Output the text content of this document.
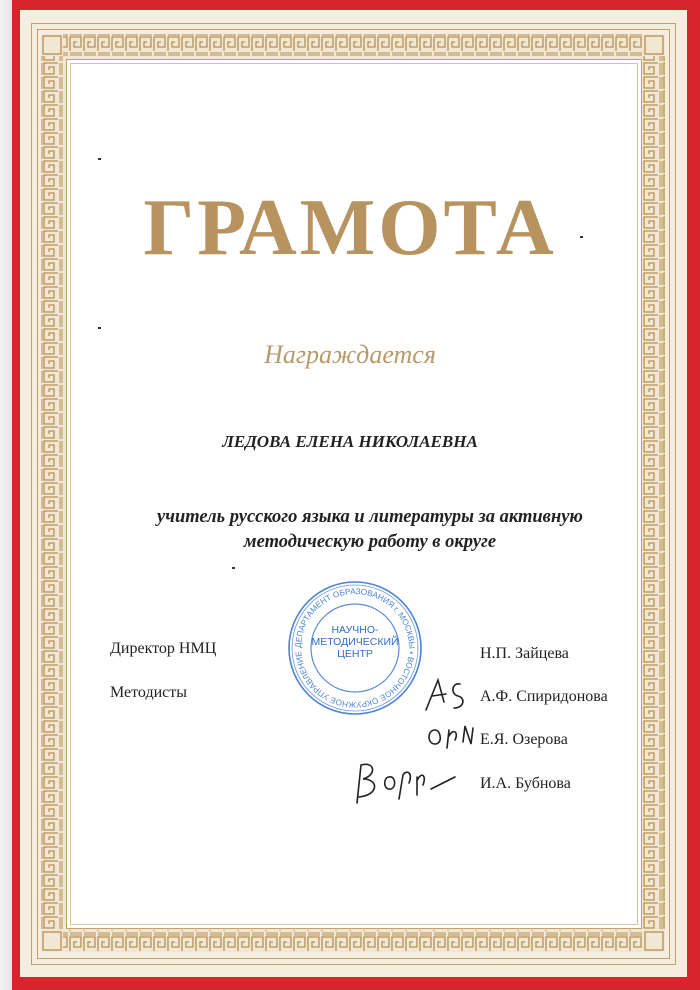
ГРАМОТА
Награждается
ЛЕДОВА ЕЛЕНА НИКОЛАЕВНА
учитель русского языка и литературы за активную
методическую работу в округе
ДЕПАРТАМЕНТ ОБРАЗОВАНИЯ г. МОСКВЫ • ВОСТОЧНОЕ ОКРУЖНОЕ УПРАВЛЕНИЕ
НАУЧНО-
МЕТОДИЧЕСКИЙ
ЦЕНТР
Директор НМЦ
Методисты
Н.П. Зайцева
А.Ф. Спиридонова
Е.Я. Озерова
И.А. Бубнова
